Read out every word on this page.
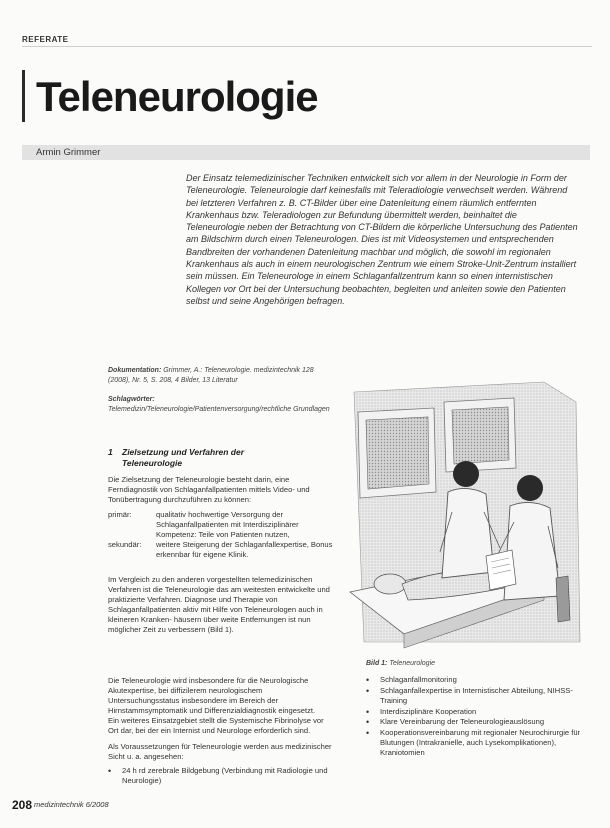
REFERATE
Teleneurologie
Armin Grimmer

Der Einsatz telemedizinischer Techniken entwickelt sich vor allem in der Neurologie in Form der Teleneurologie. Teleneurologie darf keinesfalls mit Teleradiologie verwechselt werden. Während bei letzteren Verfahren z. B. CT-Bilder über eine Datenleitung einem räumlich entfernten Krankenhaus bzw. Teleradiologen zur Befundung übermittelt werden, beinhaltet die Teleneurologie neben der Betrachtung von CT-Bildern die körperliche Untersuchung des Patienten am Bildschirm durch einen Teleneurologen. Dies ist mit Videosystemen und entsprechenden Bandbreiten der vorhandenen Datenleitung machbar und möglich, die sowohl im regionalen Krankenhaus als auch in einem neurologischen Zentrum wie einem Stroke-Unit-Zentrum installiert sein müssen. Ein Teleneurologe in einem Schlaganfallzentrum kann so einen internistischen Kollegen vor Ort bei der Untersuchung beobachten, begleiten und anleiten sowie den Patienten selbst und seine Angehörigen befragen.

Dokumentation: Grimmer, A.: Teleneurologie. medizintechnik 128 (2008), Nr. 5, S. 208, 4 Bilder, 13 Literatur
Schlagwörter: Telemedizin/Teleneurologie/Patientenversorgung/rechtliche Grundlagen
1 Zielsetzung und Verfahren der
Teleneurologie

Die Zielsetzung der Teleneurologie besteht darin, eine Ferndiagnostik von Schlaganfallpatienten mittels Video- und Tonübertragung durchzuführen zu können:

primär:	qualitativ hochwertige Versorgung der Schlaganfallpatienten mit Interdisziplinärer Kompetenz: Teile von Patienten nutzen,
sekundär:	weitere Steigerung der Schlaganfallexpertise, Bonus erkennbar für eigene Klinik.

Im Vergleich zu den anderen vorgestellten telemedizinischen Verfahren ist die Teleneurologie das am weitesten entwickelte und praktizierte Verfahren. Diagnose und Therapie von Schlaganfallpatienten aktiv mit Hilfe von Teleneurologen auch in kleineren Kranken- häusern über weite Entfernungen ist nun möglicher Zeit zu verbessern (Bild 1).

Die Teleneurologie wird insbesondere für die Neurologische Akutexpertise, bei diffizilerem neurologischem Untersuchungsstatus insbesondere im Bereich der Hirnstammsymptomatik und Differenzialdiagnostik eingesetzt.
Ein weiteres Einsatzgebiet stellt die Systemische Fibrinolyse vor Ort dar, bei der ein Internist und Neurologe erforderlich sind.

Als Voraussetzungen für Teleneurologie werden aus medizinischer Sicht u. a. angesehen:

•	24 h rd zerebrale Bildgebung (Verbindung mit Radiologie und Neurologie)
Bild 1: Teleneurologie
•	Schlaganfallmonitoring
•	Schlaganfallexpertise in Internistischer Abteilung, NIHSS-Training
•	Interdisziplinäre Kooperation
•	Klare Vereinbarung der Teleneurologieauslösung
•	Kooperationsvereinbarung mit regionaler Neurochirurgie für Blutungen (Intrakranielle, auch Lysekomplikationen), Kraniotomien
208 medizintechnik 6/2008
